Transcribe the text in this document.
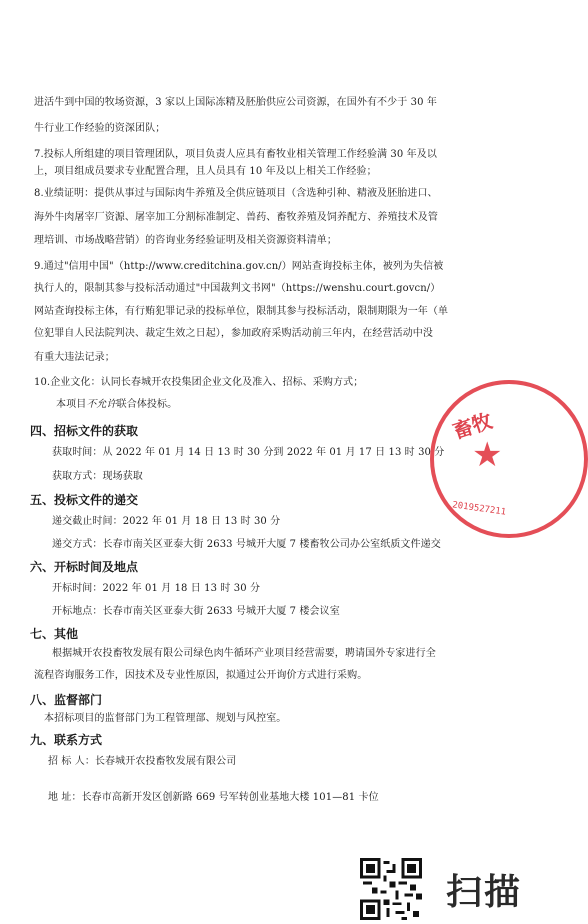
进活牛到中国的牧场资源，3 家以上国际冻精及胚胎供应公司资源，在国外有不少于 30 年
牛行业工作经验的资深团队；
7.投标人所组建的项目管理团队，项目负责人应具有畜牧业相关管理工作经验满 30 年及以
上，项目组成员要求专业配置合理，且人员具有 10 年及以上相关工作经验；
8.业绩证明：提供从事过与国际肉牛养殖及全供应链项目（含选种引种、精液及胚胎进口、
海外牛肉屠宰厂资源、屠宰加工分割标准制定、兽药、畜牧养殖及饲养配方、养殖技术及管
理培训、市场战略营销）的咨询业务经验证明及相关资源资料清单；
9.通过"信用中国"（http://www.creditchina.gov.cn/）网站查询投标主体，被列为失信被
执行人的，限制其参与投标活动通过"中国裁判文书网"（https://wenshu.court.govcn/）
网站查询投标主体，有行贿犯罪记录的投标单位，限制其参与投标活动，限制期限为一年（单
位犯罪自人民法院判决、裁定生效之日起），参加政府采购活动前三年内，在经营活动中没
有重大违法记录；
10.企业文化：认同长春城开农投集团企业文化及准入、招标、采购方式；
本项目不允许联合体投标。
四、招标文件的获取
获取时间：从 2022 年 01 月 14 日 13 时 30 分到 2022 年 01 月 17 日 13 时 30 分
获取方式：现场获取
五、投标文件的递交
递交截止时间：2022 年 01 月 18 日 13 时 30 分
递交方式：长春市南关区亚泰大街 2633 号城开大厦 7 楼畜牧公司办公室纸质文件递交
六、开标时间及地点
开标时间：2022 年 01 月 18 日 13 时 30 分
开标地点：长春市南关区亚泰大街 2633 号城开大厦 7 楼会议室
七、其他
根据城开农投畜牧发展有限公司绿色肉牛循环产业项目经营需要，聘请国外专家进行全
流程咨询服务工作，因技术及专业性原因，拟通过公开询价方式进行采购。
八、监督部门
本招标项目的监督部门为工程管理部、规划与风控室。
九、联系方式
招 标 人：长春城开农投畜牧发展有限公司
地 址：长春市高新开发区创新路 669 号军转创业基地大楼 101—81 卡位
畜牧
★
2019527211
扫描
